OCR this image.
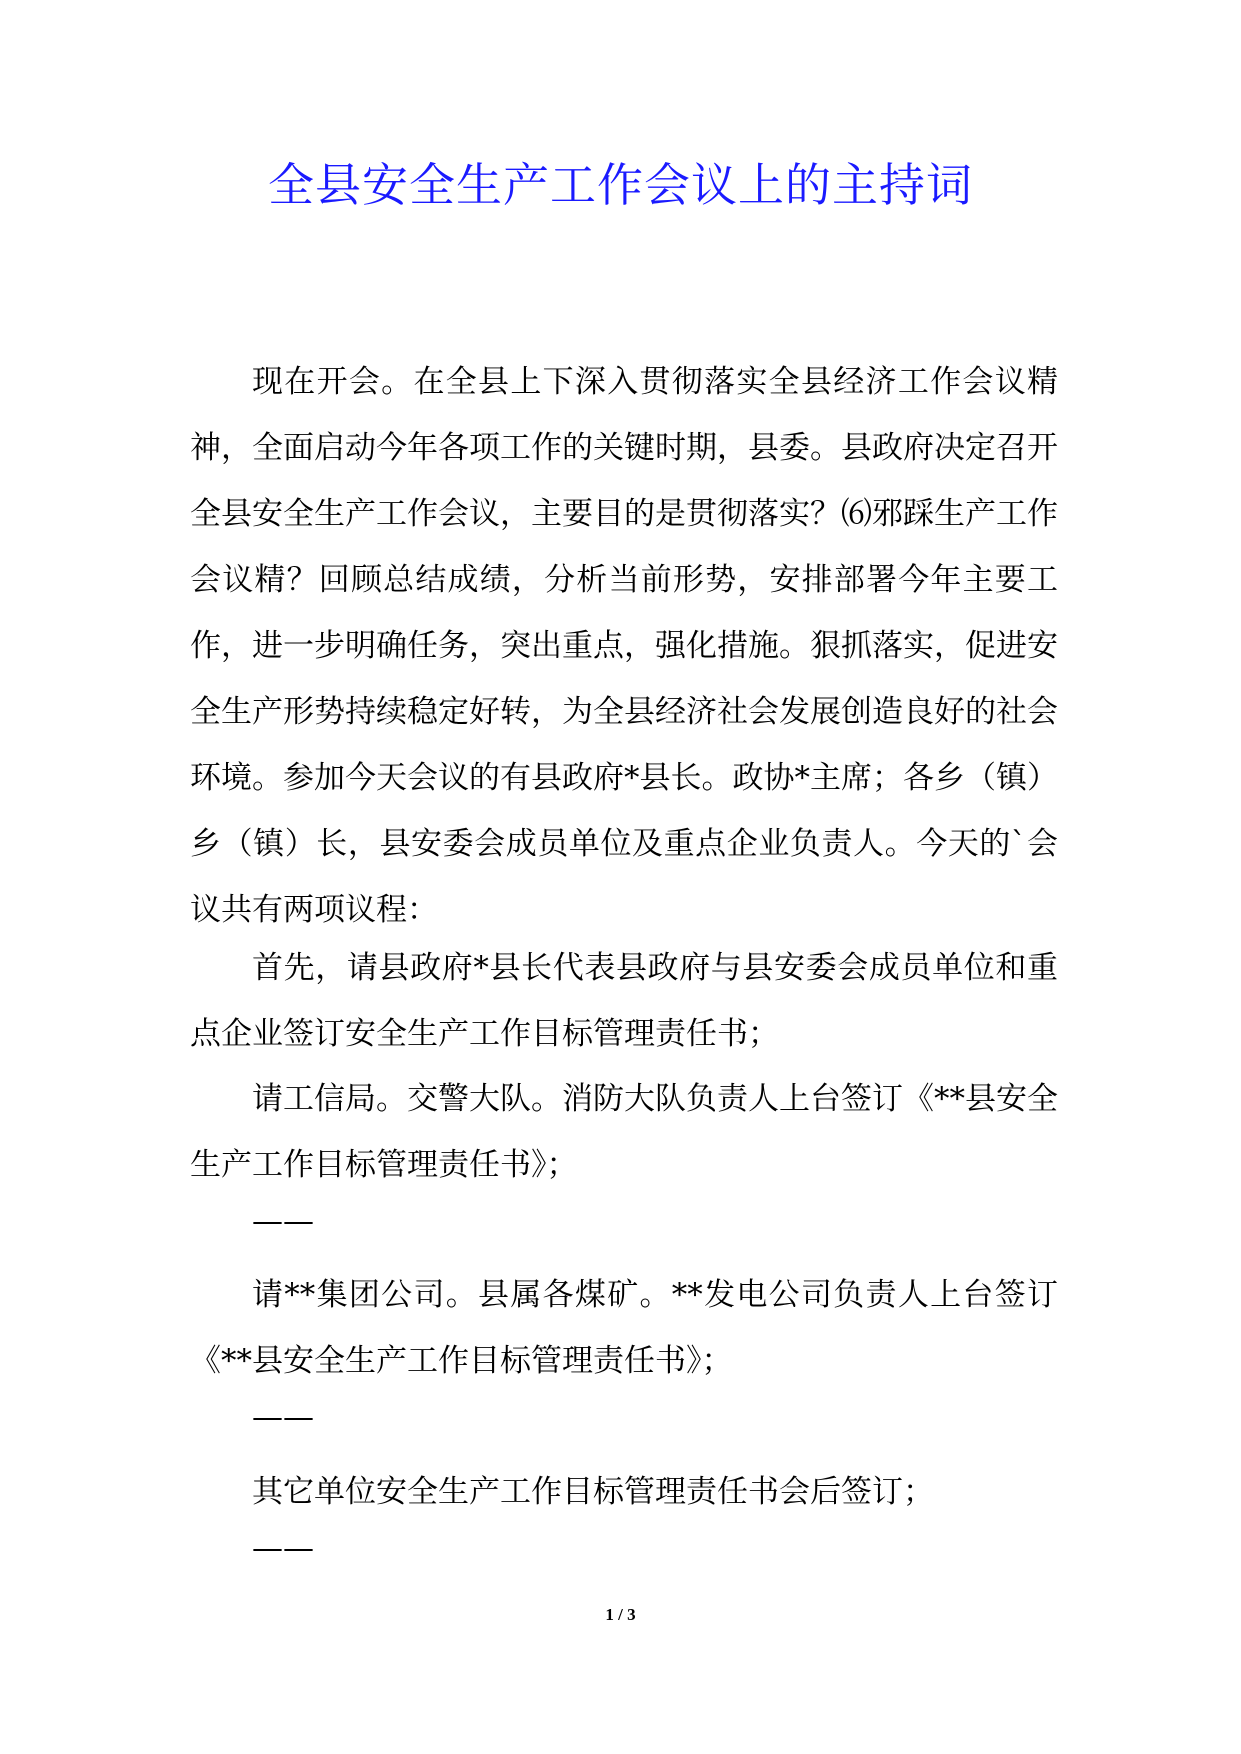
全县安全生产工作会议上的主持词
现在开会。在全县上下深入贯彻落实全县经济工作会议精神，全面启动今年各项工作的关键时期，县委。县政府决定召开全县安全生产工作会议，主要目的是贯彻落实？⑹邪踩生产工作会议精？回顾总结成绩，分析当前形势，安排部署今年主要工作，进一步明确任务，突出重点，强化措施。狠抓落实，促进安全生产形势持续稳定好转，为全县经济社会发展创造良好的社会环境。参加今天会议的有县政府*县长。政协*主席；各乡（镇）乡（镇）长，县安委会成员单位及重点企业负责人。今天的`会议共有两项议程：
首先，请县政府*县长代表县政府与县安委会成员单位和重点企业签订安全生产工作目标管理责任书；
请工信局。交警大队。消防大队负责人上台签订《**县安全生产工作目标管理责任书》；
——
请**集团公司。县属各煤矿。**发电公司负责人上台签订《**县安全生产工作目标管理责任书》；
——
其它单位安全生产工作目标管理责任书会后签订；
——
1 / 3
